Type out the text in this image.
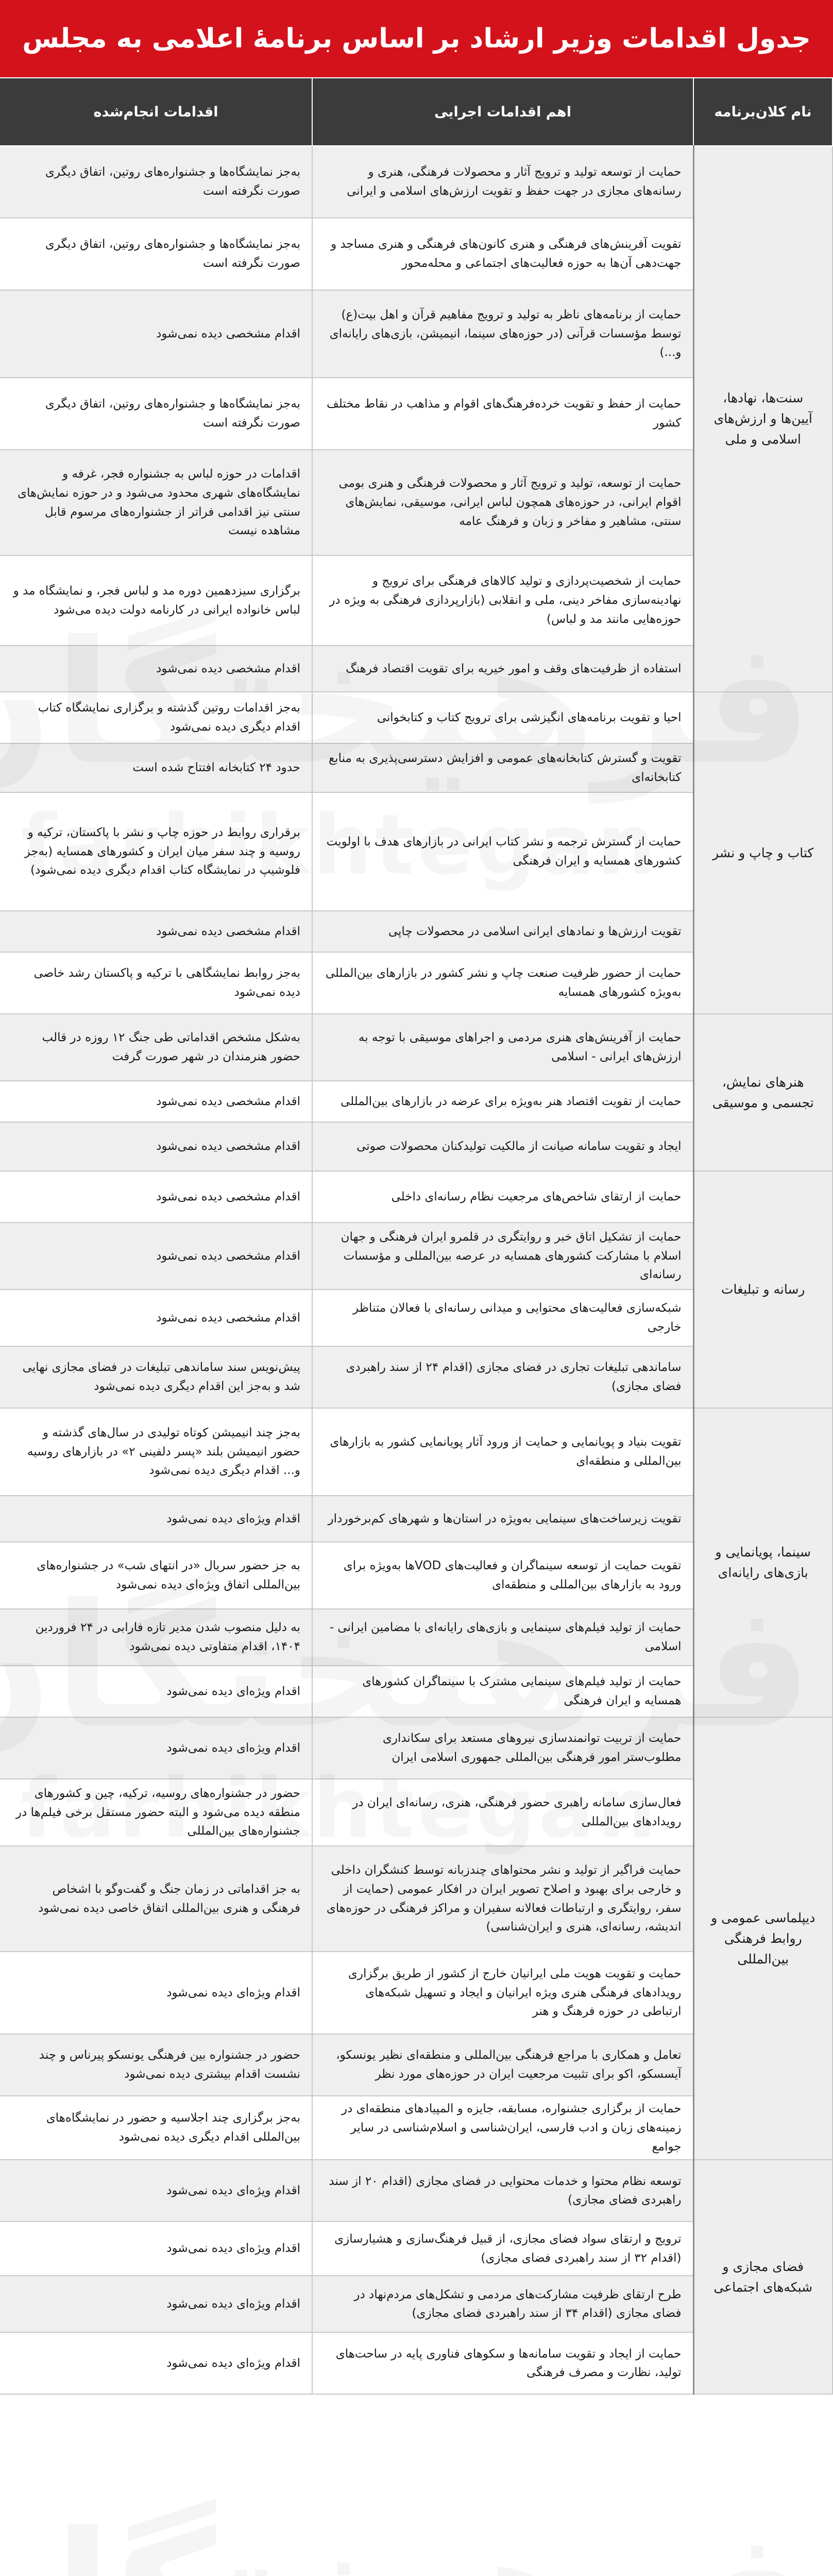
جدول اقدامات وزیر ارشاد بر اساس برنامهٔ اعلامی به مجلس
نام کلان‌برنامه	اهم اقدامات اجرایی	اقدامات انجام‌شده
سنت‌ها، نهادها، آیین‌ها و ارزش‌های اسلامی و ملی	حمایت از توسعه تولید و ترویج آثار و محصولات فرهنگی، هنری و رسانه‌های مجازی در جهت حفظ و تقویت ارزش‌های اسلامی و ایرانی	به‌جز نمایشگاه‌ها و جشنواره‌های روتین، اتفاق دیگری صورت نگرفته است
	تقویت آفرینش‌های فرهنگی و هنری کانون‌های فرهنگی و هنری مساجد و جهت‌دهی آن‌ها به حوزه فعالیت‌های اجتماعی و محله‌محور	به‌جز نمایشگاه‌ها و جشنواره‌های روتین، اتفاق دیگری صورت نگرفته است
	حمایت از برنامه‌های ناظر به تولید و ترویج مفاهیم قرآن و اهل بیت(ع) توسط مؤسسات قرآنی (در حوزه‌های سینما، انیمیشن، بازی‌های رایانه‌ای و...)	اقدام مشخصی دیده نمی‌شود
	حمایت از حفظ و تقویت خرده‌فرهنگ‌های اقوام و مذاهب در نقاط مختلف کشور	به‌جز نمایشگاه‌ها و جشنواره‌های روتین، اتفاق دیگری صورت نگرفته است
	حمایت از توسعه، تولید و ترویج آثار و محصولات فرهنگی و هنری بومی اقوام ایرانی، در حوزه‌های همچون لباس ایرانی، موسیقی، نمایش‌های سنتی، مشاهیر و مفاخر و زبان و فرهنگ عامه	اقدامات در حوزه لباس به جشنواره فجر، غرفه و نمایشگاه‌های شهری محدود می‌شود و در حوزه نمایش‌های سنتی نیز اقدامی فراتر از جشنواره‌های مرسوم قابل مشاهده نیست
	حمایت از شخصیت‌پردازی و تولید کالاهای فرهنگی برای ترویج و نهادینه‌سازی مفاخر دینی، ملی و انقلابی (بازارپردازی فرهنگی به ویژه در حوزه‌هایی مانند مد و لباس)	برگزاری سیزدهمین دوره مد و لباس فجر، و نمایشگاه مد و لباس خانواده ایرانی در کارنامه دولت دیده می‌شود
	استفاده از ظرفیت‌های وقف و امور خیریه برای تقویت اقتصاد فرهنگ	اقدام مشخصی دیده نمی‌شود
کتاب و چاپ و نشر	احیا و تقویت برنامه‌های انگیزشی برای ترویج کتاب و کتابخوانی	به‌جز اقدامات روتین گذشته و برگزاری نمایشگاه کتاب اقدام دیگری دیده نمی‌شود
	تقویت و گسترش کتابخانه‌های عمومی و افزایش دسترسی‌پذیری به منابع کتابخانه‌ای	حدود ۲۴ کتابخانه افتتاح شده است
	حمایت از گسترش ترجمه و نشر کتاب ایرانی در بازارهای هدف با اولویت کشورهای همسایه و ایران فرهنگی	برقراری روابط در حوزه چاپ و نشر با پاکستان، ترکیه و روسیه و چند سفر میان ایران و کشورهای همسایه (به‌جز فلوشیپ در نمایشگاه کتاب اقدام دیگری دیده نمی‌شود)
	تقویت ارزش‌ها و نمادهای ایرانی اسلامی در محصولات چاپی	اقدام مشخصی دیده نمی‌شود
	حمایت از حضور ظرفیت صنعت چاپ و نشر کشور در بازارهای بین‌المللی به‌ویژه کشورهای همسایه	به‌جز روابط نمایشگاهی با ترکیه و پاکستان رشد خاصی دیده نمی‌شود
هنرهای نمایش، تجسمی و موسیقی	حمایت از آفرینش‌های هنری مردمی و اجراهای موسیقی با توجه به ارزش‌های ایرانی - اسلامی	به‌شکل مشخص اقداماتی طی جنگ ۱۲ روزه در قالب حضور هنرمندان در شهر صورت گرفت
	حمایت از تقویت اقتصاد هنر به‌ویژه برای عرضه در بازارهای بین‌المللی	اقدام مشخصی دیده نمی‌شود
	ایجاد و تقویت سامانه صیانت از مالکیت تولیدکنان محصولات صوتی	اقدام مشخصی دیده نمی‌شود
رسانه و تبلیغات	حمایت از ارتقای شاخص‌های مرجعیت نظام رسانه‌ای داخلی	اقدام مشخصی دیده نمی‌شود
	حمایت از تشکیل اتاق خبر و روایتگری در قلمرو ایران فرهنگی و جهان اسلام با مشارکت کشورهای همسایه در عرصه بین‌المللی و مؤسسات رسانه‌ای	اقدام مشخصی دیده نمی‌شود
	شبکه‌سازی فعالیت‌های محتوایی و میدانی رسانه‌ای با فعالان متناظر خارجی	اقدام مشخصی دیده نمی‌شود
	ساماندهی تبلیغات تجاری در فضای مجازی (اقدام ۲۴ از سند راهبردی فضای مجازی)	پیش‌نویس سند ساماندهی تبلیغات در فضای مجازی نهایی شد و به‌جز این اقدام دیگری دیده نمی‌شود
سینما، پویانمایی و بازی‌های رایانه‌ای	تقویت بنیاد و پویانمایی و حمایت از ورود آثار پویانمایی کشور به بازارهای بین‌المللی و منطقه‌ای	به‌جز چند انیمیشن کوتاه تولیدی در سال‌های گذشته و حضور انیمیشن بلند «پسر دلفینی ۲» در بازارهای روسیه و... اقدام دیگری دیده نمی‌شود
	تقویت زیرساخت‌های سینمایی به‌ویژه در استان‌ها و شهرهای کم‌برخوردار	اقدام ویژه‌ای دیده نمی‌شود
	تقویت حمایت از توسعه سینماگران و فعالیت‌های VODها به‌ویژه برای ورود به بازارهای بین‌المللی و منطقه‌ای	به جز حضور سریال «در انتهای شب» در جشنواره‌های بین‌المللی اتفاق ویژه‌ای دیده نمی‌شود
	حمایت از تولید فیلم‌های سینمایی و بازی‌های رایانه‌ای با مضامین ایرانی - اسلامی	به دلیل منصوب شدن مدیر تازه فارابی در ۲۴ فروردین ۱۴۰۴، اقدام متفاوتی دیده نمی‌شود
	حمایت از تولید فیلم‌های سینمایی مشترک با سینماگران کشورهای همسایه و ایران فرهنگی	اقدام ویژه‌ای دیده نمی‌شود
دیپلماسی عمومی و روابط فرهنگی بین‌المللی	حمایت از تربیت توانمندسازی نیروهای مستعد برای سکانداری مطلوب‌ستر امور فرهنگی بین‌المللی جمهوری اسلامی ایران	اقدام ویژه‌ای دیده نمی‌شود
	فعال‌سازی سامانه راهبری حضور فرهنگی، هنری، رسانه‌ای ایران در رویدادهای بین‌المللی	حضور در جشنواره‌های روسیه، ترکیه، چین و کشورهای منطقه دیده می‌شود و البته حضور مستقل برخی فیلم‌ها در جشنواره‌های بین‌المللی
	حمایت فراگیر از تولید و نشر محتواهای چندزبانه توسط کنشگران داخلی و خارجی برای بهبود و اصلاح تصویر ایران در افکار عمومی (حمایت از سفر، روایتگری و ارتباطات فعالانه سفیران و مراکز فرهنگی در حوزه‌های اندیشه، رسانه‌ای، هنری و ایران‌شناسی)	به جز اقداماتی در زمان جنگ و گفت‌وگو با اشخاص فرهنگی و هنری بین‌المللی اتفاق خاصی دیده نمی‌شود
	حمایت و تقویت هویت ملی ایرانیان خارج از کشور از طریق برگزاری رویدادهای فرهنگی هنری ویژه ایرانیان و ایجاد و تسهیل شبکه‌های ارتباطی در حوزه فرهنگ و هنر	اقدام ویژه‌ای دیده نمی‌شود
	تعامل و همکاری با مراجع فرهنگی بین‌المللی و منطقه‌ای نظیر یونسکو، آیسسکو، اکو برای تثبیت مرجعیت ایران در حوزه‌های مورد نظر	حضور در جشنواره بین فرهنگی یونسکو پیرناس و چند نشست اقدام بیشتری دیده نمی‌شود
	حمایت از برگزاری جشنواره، مسابقه، جایزه و المپیادهای منطقه‌ای در زمینه‌های زبان و ادب فارسی، ایران‌شناسی و اسلام‌شناسی در سایر جوامع	به‌جز برگزاری چند اجلاسیه و حضور در نمایشگاه‌های بین‌المللی اقدام دیگری دیده نمی‌شود
فضای مجازی و شبکه‌های اجتماعی	توسعه نظام محتوا و خدمات محتوایی در فضای مجازی (اقدام ۲۰ از سند راهبردی فضای مجازی)	اقدام ویژه‌ای دیده نمی‌شود
	ترویج و ارتقای سواد فضای مجازی، از قبیل فرهنگ‌سازی و هشیارسازی (اقدام ۳۲ از سند راهبردی فضای مجازی)	اقدام ویژه‌ای دیده نمی‌شود
	طرح ارتقای ظرفیت مشارکت‌های مردمی و تشکل‌های مردم‌نهاد در فضای مجازی (اقدام ۳۴ از سند راهبردی فضای مجازی)	اقدام ویژه‌ای دیده نمی‌شود
	حمایت از ایجاد و تقویت سامانه‌ها و سکوهای فناوری پایه در ساحت‌های تولید، نظارت و مصرف فرهنگی	اقدام ویژه‌ای دیده نمی‌شود
